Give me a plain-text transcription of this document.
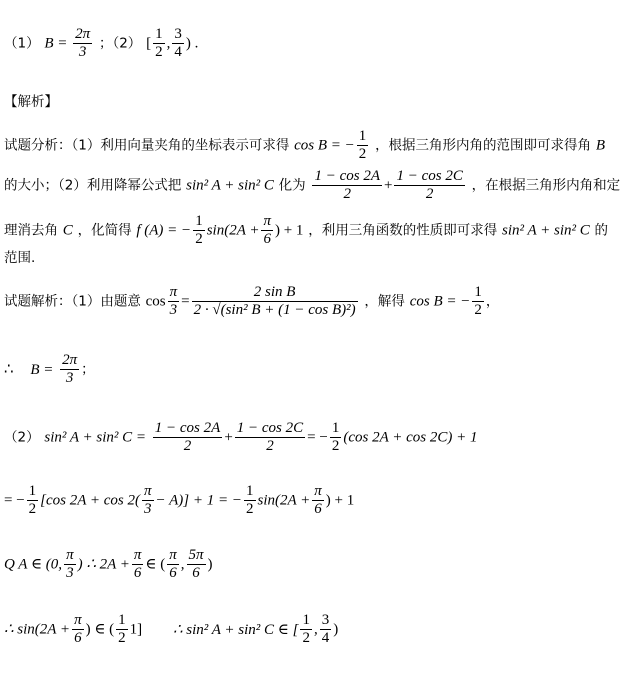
（1） $B = \frac{2\pi}{3}$ ；（2） [ $\frac{1}{2}$ , $\frac{3}{4}$ ) .
【解析】
试题分析：（1）利用向量夹角的坐标表示可求得 cos B = − $\frac{1}{2}$ ，根据三角形内角的范围即可求得角 B
的大小；（2）利用降幂公式把 sin² A + sin² C 化为 $\frac{1 - \cos 2A}{2} + \frac{1 - \cos 2C}{2}$ ，在根据三角形内角和定
理消去角 C ，化简得 f (A) = − $\frac{1}{2} \sin(2A + \frac{\pi}{6}$ ) + 1 ，利用三角函数的性质即可求得 sin² A + sin² C 的
范围.
试题解析：（1）由题意 $\cos \frac{\pi}{3} = \frac{\text{2 sin B}}{\text{2 · √(sin² B + (1 − cos B)²)}}$ ，解得 cos B = − $\frac{1}{2}$ ，
∴ $B = \frac{2\pi}{3}$ ；
（2） sin² A + sin² $C = \frac{1 - \cos 2A}{2} + \frac{1 - \cos 2C}{2}$ = − $\frac{1}{2} (\cos$ 2A + cos 2C) + 1
= − $\frac{1}{2} [\cos$ $2A + \cos 2( \frac{\pi}{3} - A)] + 1$ = − $\frac{1}{2} \sin(2A + \frac{\pi}{6}$ ) + 1
Q A ∈ (0, $\frac{\pi}{3}$ ) ∴ $2A + \frac{\pi}{6}$ ∈ ( $\frac{\pi}{6}$ , $\frac{5\pi}{6}$ )
∴ $\sin(2A + \frac{\pi}{6}$ ) ∈ ( $\frac{1}{2} 1$] ∴ sin² A + sin² C ∈ [ $\frac{1}{2}$ , $\frac{3}{4}$ )
